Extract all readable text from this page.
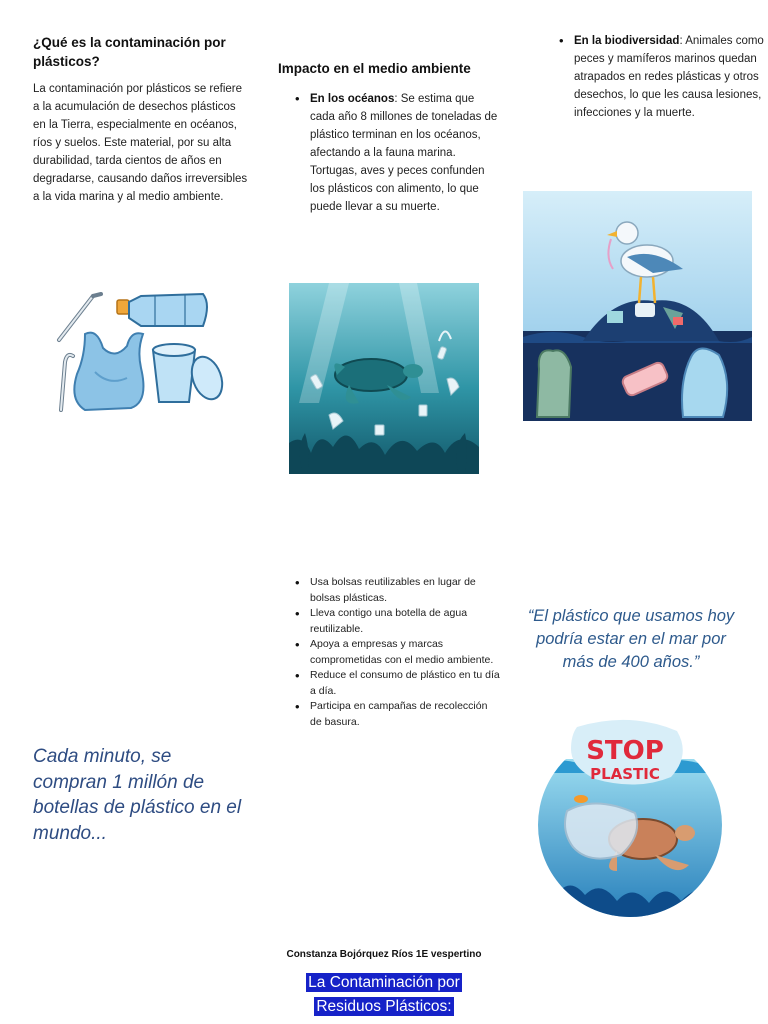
¿Qué es la contaminación por plásticos?
La contaminación por plásticos se refiere a la acumulación de desechos plásticos en la Tierra, especialmente en océanos, ríos y suelos. Este material, por su alta durabilidad, tarda cientos de años en degradarse, causando daños irreversibles a la vida marina y al medio ambiente.
Cada minuto, se compran 1 millón de botellas de plástico en el mundo...
Impacto en el medio ambiente
• En los océanos: Se estima que cada año 8 millones de toneladas de plástico terminan en los océanos, afectando a la fauna marina. Tortugas, aves y peces confunden los plásticos con alimento, lo que puede llevar a su muerte.
• Usa bolsas reutilizables en lugar de bolsas plásticas.
• Lleva contigo una botella de agua reutilizable.
• Apoya a empresas y marcas comprometidas con el medio ambiente.
• Reduce el consumo de plástico en tu día a día.
• Participa en campañas de recolección de basura.
Constanza Bojórquez Ríos 1E vespertino
La Contaminación por
Residuos Plásticos:
• En la biodiversidad: Animales como peces y mamíferos marinos quedan atrapados en redes plásticas y otros desechos, lo que les causa lesiones, infecciones y la muerte.
“El plástico que usamos hoy podría estar en el mar por más de 400 años.”
STOP
PLASTIC
